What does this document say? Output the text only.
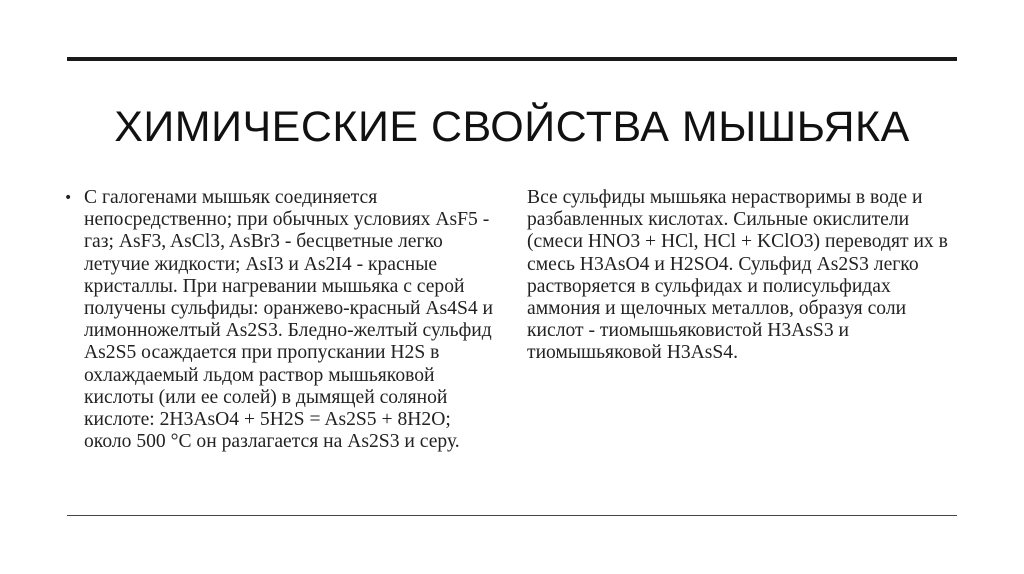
ХИМИЧЕСКИЕ СВОЙСТВА МЫШЬЯКА
• С галогенами мышьяк соединяется непосредственно; при обычных условиях AsF5 - газ; AsF3, AsCl3, AsBr3 - бесцветные легко летучие жидкости; AsI3 и As2I4 - красные кристаллы. При нагревании мышьяка с серой получены сульфиды: оранжево-красный As4S4 и лимонножелтый As2S3. Бледно-желтый сульфид As2S5 осаждается при пропускании H2S в охлаждаемый льдом раствор мышьяковой кислоты (или ее солей) в дымящей соляной кислоте: 2H3AsO4 + 5H2S = As2S5 + 8H2O; около 500 °С он разлагается на As2S3 и серу.
Все сульфиды мышьяка нерастворимы в воде и разбавленных кислотах. Сильные окислители (смеси HNO3 + HCl, HCl + KClO3) переводят их в смесь H3AsO4 и H2SO4. Сульфид As2S3 легко растворяется в сульфидах и полисульфидах аммония и щелочных металлов, образуя соли кислот - тиомышьяковистой H3AsS3 и тиомышьяковой H3AsS4.
